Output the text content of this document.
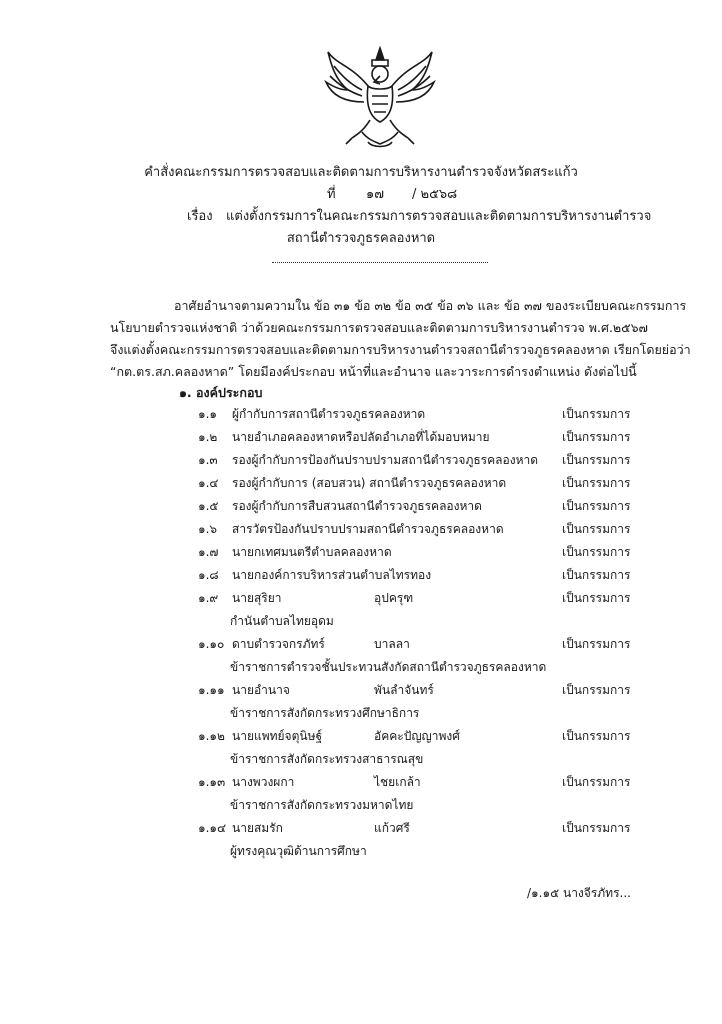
คำสั่งคณะกรรมการตรวจสอบและติดตามการบริหารงานตำรวจจังหวัดสระแก้ว
ที่ ๑๗ / ๒๕๖๘
เรื่อง แต่งตั้งกรรมการในคณะกรรมการตรวจสอบและติดตามการบริหารงานตำรวจ
สถานีตำรวจภูธรคลองหาด
อาศัยอำนาจตามความใน ข้อ ๓๑ ข้อ ๓๒ ข้อ ๓๕ ข้อ ๓๖ และ ข้อ ๓๗ ของระเบียบคณะกรรมการ
นโยบายตำรวจแห่งชาติ ว่าด้วยคณะกรรมการตรวจสอบและติดตามการบริหารงานตำรวจ พ.ศ.๒๕๖๗
จึงแต่งตั้งคณะกรรมการตรวจสอบและติดตามการบริหารงานตำรวจสถานีตำรวจภูธรคลองหาด เรียกโดยย่อว่า
“กต.ตร.สภ.คลองหาด” โดยมีองค์ประกอบ หน้าที่และอำนาจ และวาระการดำรงตำแหน่ง ดังต่อไปนี้
๑. องค์ประกอบ
๑.๑ ผู้กำกับการสถานีตำรวจภูธรคลองหาด	เป็นกรรมการ
๑.๒ นายอำเภอคลองหาดหรือปลัดอำเภอที่ได้มอบหมาย	เป็นกรรมการ
๑.๓ รองผู้กำกับการป้องกันปราบปรามสถานีตำรวจภูธรคลองหาด เป็นกรรมการ
๑.๔ รองผู้กำกับการ (สอบสวน) สถานีตำรวจภูธรคลองหาด	เป็นกรรมการ
๑.๕ รองผู้กำกับการสืบสวนสถานีตำรวจภูธรคลองหาด	เป็นกรรมการ
๑.๖ สารวัตรป้องกันปราบปรามสถานีตำรวจภูธรคลองหาด	เป็นกรรมการ
๑.๗ นายกเทศมนตรีตำบลคลองหาด	เป็นกรรมการ
๑.๘ นายกองค์การบริหารส่วนตำบลไทรทอง	เป็นกรรมการ
๑.๙ นายสุริยา	อุปครุฑ	เป็นกรรมการ
กำนันตำบลไทยอุดม
๑.๑๐ ดาบตำรวจกรภัทร์	บาลลา	เป็นกรรมการ
ข้าราชการตำรวจชั้นประทวนสังกัดสถานีตำรวจภูธรคลองหาด
๑.๑๑ นายอำนาจ	พันลำจันทร์	เป็นกรรมการ
ข้าราชการสังกัดกระทรวงศึกษาธิการ
๑.๑๒ นายแพทย์จตุนิษฐ์	อัคคะปัญญาพงศ์	เป็นกรรมการ
ข้าราชการสังกัดกระทรวงสาธารณสุข
๑.๑๓ นางพวงผกา	ไชยเกล้า	เป็นกรรมการ
ข้าราชการสังกัดกระทรวงมหาดไทย
๑.๑๔ นายสมรัก	แก้วศรี	เป็นกรรมการ
ผู้ทรงคุณวุฒิด้านการศึกษา
/๑.๑๕ นางจีรภัทร...
